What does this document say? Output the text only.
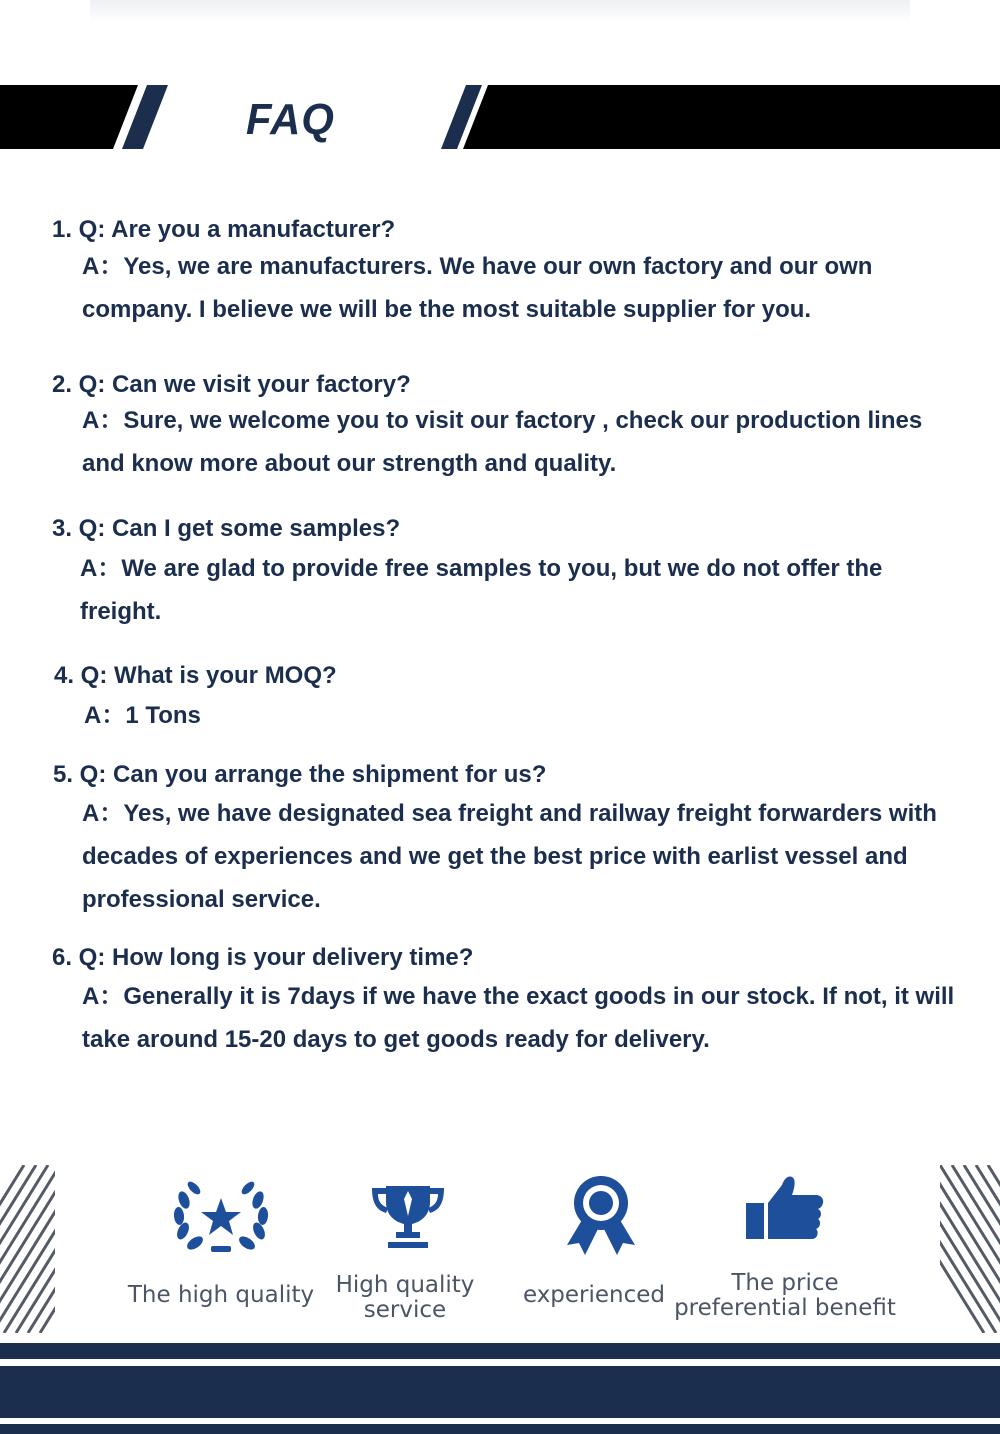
FAQ
1. Q: Are you a manufacturer?
A：Yes, we are manufacturers. We have our own factory and our own company. I believe we will be the most suitable supplier for you.
2. Q: Can we visit your factory?
A：Sure, we welcome you to visit our factory , check our production lines and know more about our strength and quality.
3. Q: Can I get some samples?
A：We are glad to provide free samples to you, but we do not offer the freight.
4. Q: What is your MOQ?
A：1 Tons
5. Q: Can you arrange the shipment for us?
A：Yes, we have designated sea freight and railway freight forwarders with decades of experiences and we get the best price with earlist vessel and professional service.
6. Q: How long is your delivery time?
A：Generally it is 7days if we have the exact goods in our stock. If not, it will take around 15-20 days to get goods ready for delivery.
The high quality High quality service
experienced	The price preferential benefit
